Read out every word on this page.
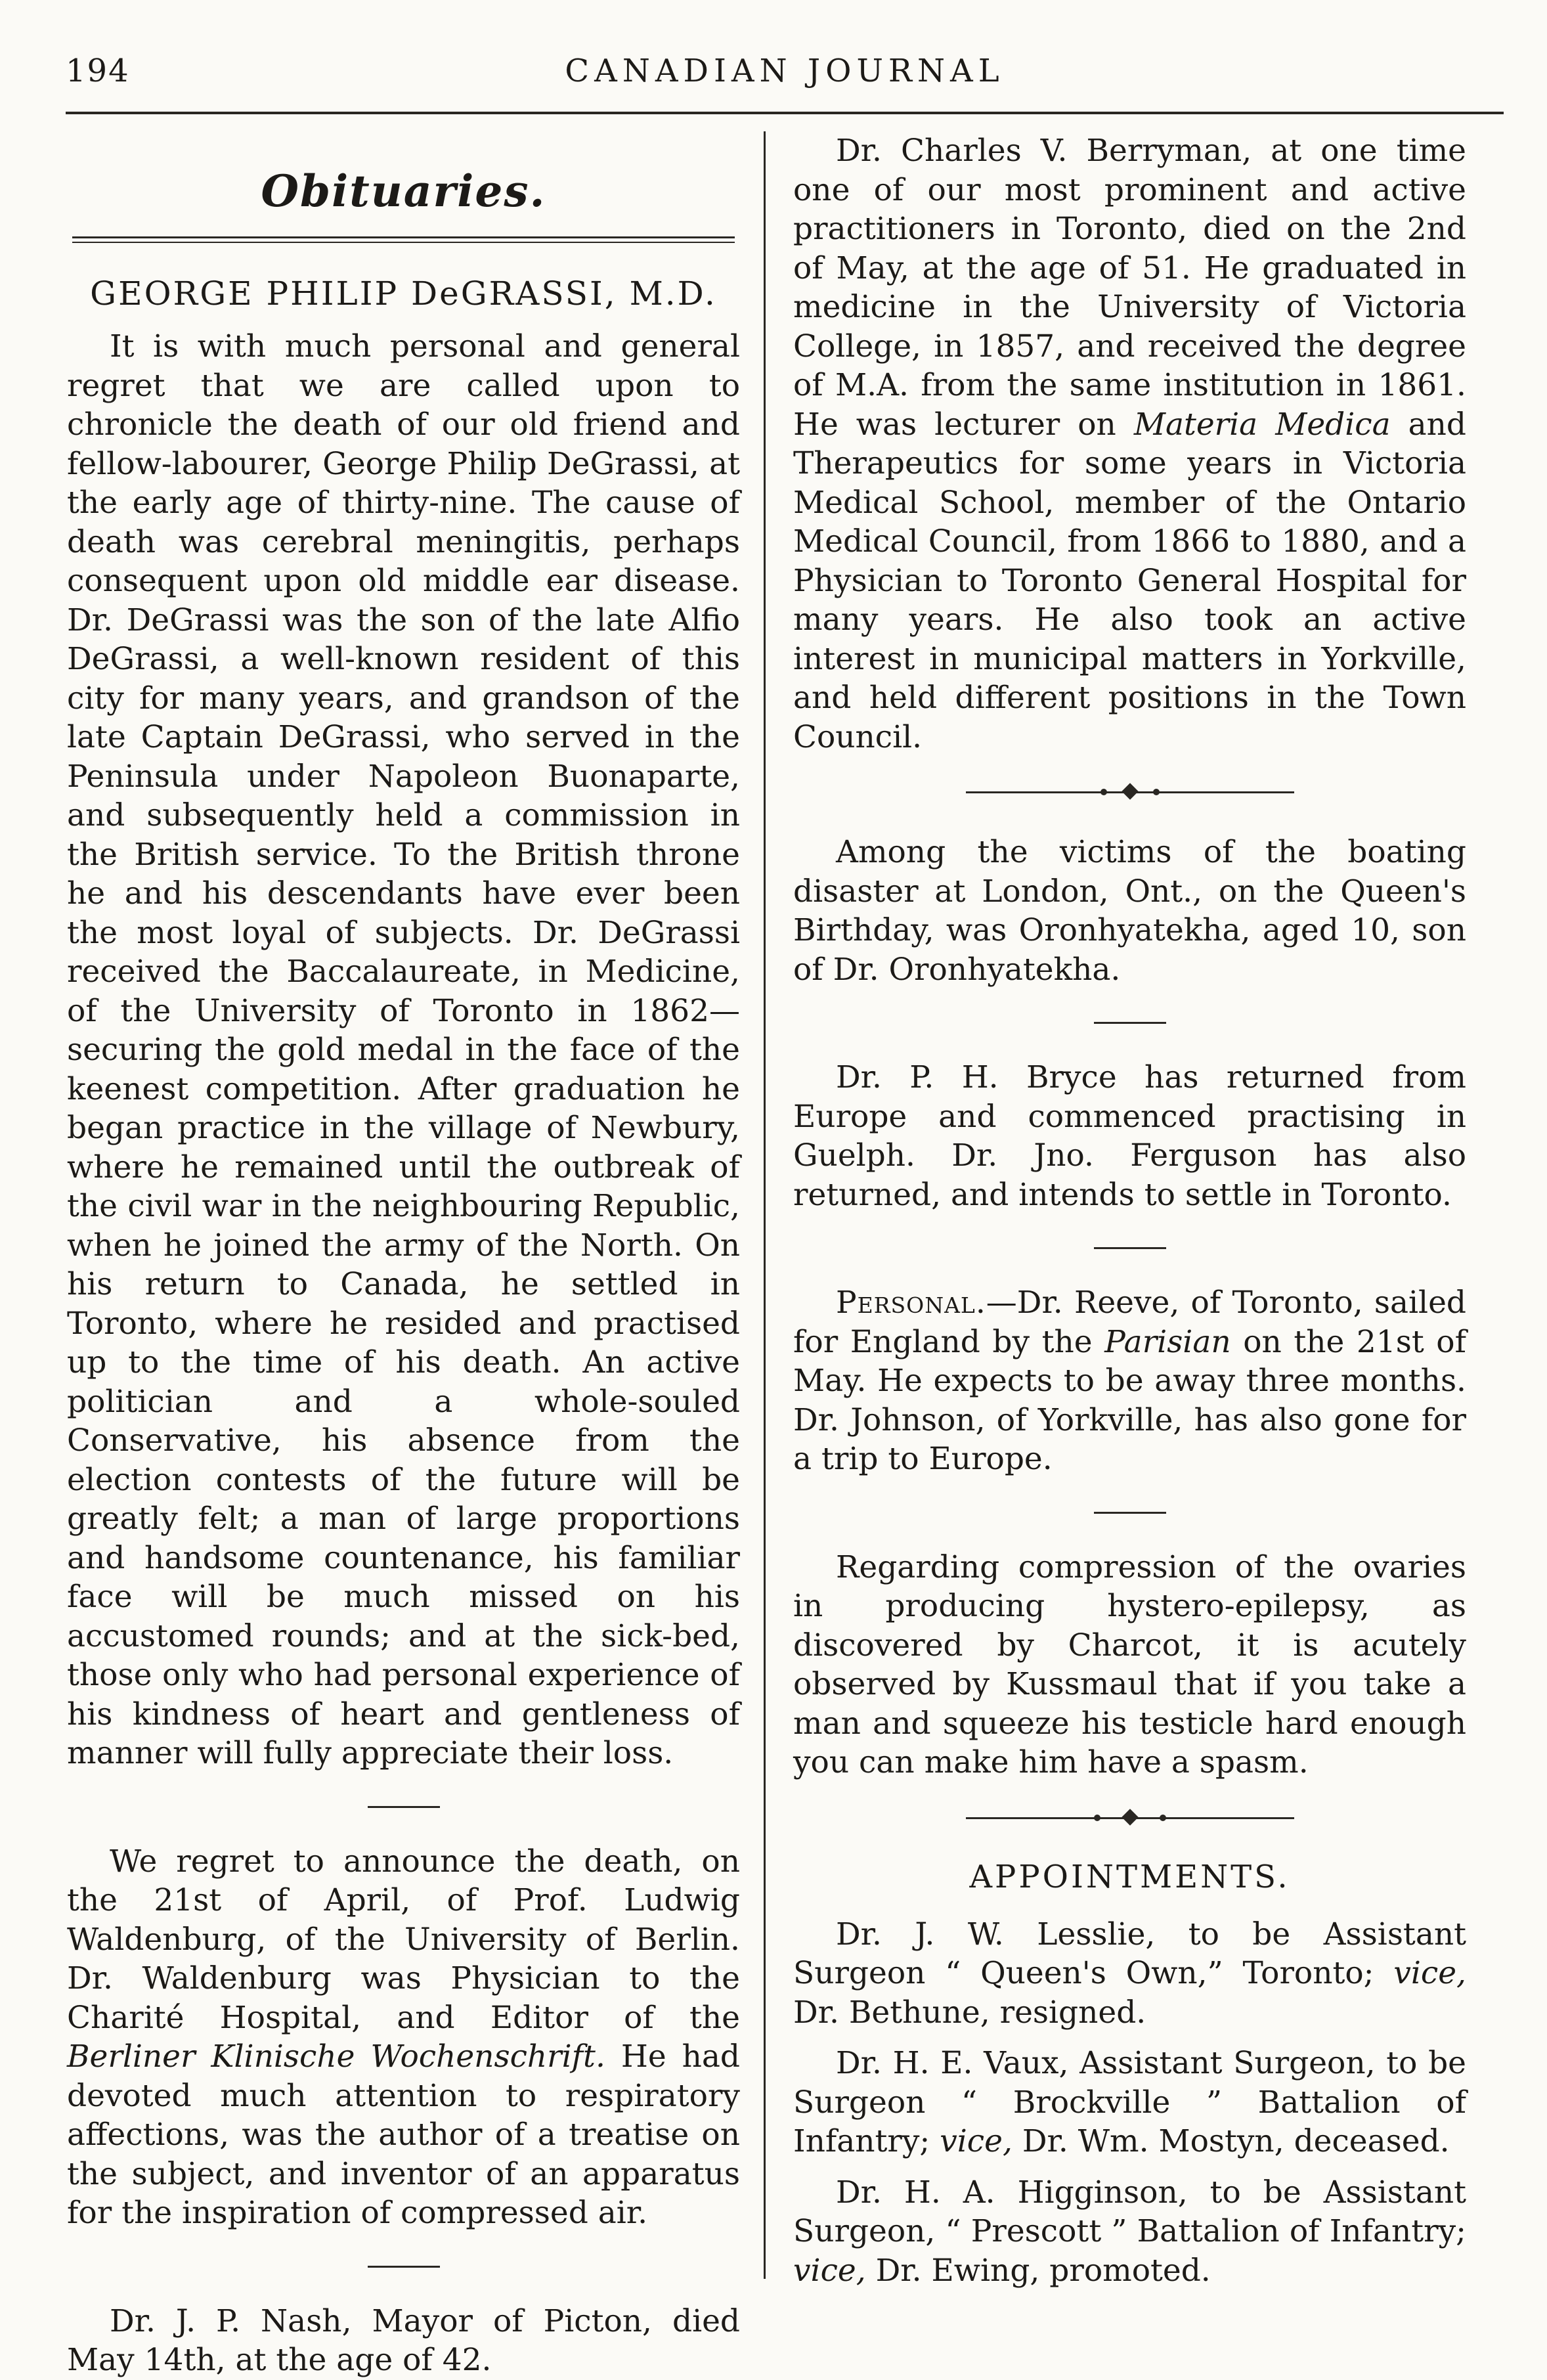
194	CANADIAN JOURNAL
Obituaries.
GEORGE PHILIP DeGRASSI, M.D.

It is with much personal and general regret that we are called upon to chronicle the death of our old friend and fellow-labourer, George Philip DeGrassi, at the early age of thirty-nine. The cause of death was cerebral meningitis, perhaps consequent upon old middle ear disease. Dr. DeGrassi was the son of the late Alfio DeGrassi, a well-known resident of this city for many years, and grandson of the late Captain DeGrassi, who served in the Peninsula under Napoleon Buonaparte, and subsequently held a commission in the British service. To the British throne he and his descendants have ever been the most loyal of subjects. Dr. DeGrassi received the Baccalaureate, in Medicine, of the University of Toronto in 1862—securing the gold medal in the face of the keenest competition. After graduation he began practice in the village of Newbury, where he remained until the outbreak of the civil war in the neighbouring Republic, when he joined the army of the North. On his return to Canada, he settled in Toronto, where he resided and practised up to the time of his death. An active politician and a whole-souled Conservative, his absence from the election contests of the future will be greatly felt; a man of large proportions and handsome countenance, his familiar face will be much missed on his accustomed rounds; and at the sick-bed, those only who had personal experience of his kindness of heart and gentleness of manner will fully appreciate their loss.

We regret to announce the death, on the 21st of April, of Prof. Ludwig Waldenburg, of the University of Berlin. Dr. Waldenburg was Physician to the Charité Hospital, and Editor of the Berliner Klinische Wochenschrift. He had devoted much attention to respiratory affections, was the author of a treatise on the subject, and inventor of an apparatus for the inspiration of compressed air.

Dr. J. P. Nash, Mayor of Picton, died May 14th, at the age of 42.

Dr. Charles V. Berryman, at one time one of our most prominent and active practitioners in Toronto, died on the 2nd of May, at the age of 51. He graduated in medicine in the University of Victoria College, in 1857, and received the degree of M.A. from the same institution in 1861. He was lecturer on Materia Medica and Therapeutics for some years in Victoria Medical School, member of the Ontario Medical Council, from 1866 to 1880, and a Physician to Toronto General Hospital for many years. He also took an active interest in municipal matters in Yorkville, and held different positions in the Town Council.

Among the victims of the boating disaster at London, Ont., on the Queen's Birthday, was Oronhyatekha, aged 10, son of Dr. Oronhyatekha.

Dr. P. H. Bryce has returned from Europe and commenced practising in Guelph. Dr. Jno. Ferguson has also returned, and intends to settle in Toronto.

Personal.—Dr. Reeve, of Toronto, sailed for England by the Parisian on the 21st of May. He expects to be away three months. Dr. Johnson, of Yorkville, has also gone for a trip to Europe.

Regarding compression of the ovaries in producing hystero-epilepsy, as discovered by Charcot, it is acutely observed by Kussmaul that if you take a man and squeeze his testicle hard enough you can make him have a spasm.

APPOINTMENTS.

Dr. J. W. Lesslie, to be Assistant Surgeon “ Queen's Own,” Toronto; vice, Dr. Bethune, resigned.

Dr. H. E. Vaux, Assistant Surgeon, to be Surgeon “ Brockville ” Battalion of Infantry; vice, Dr. Wm. Mostyn, deceased.

Dr. H. A. Higginson, to be Assistant Surgeon, “ Prescott ” Battalion of Infantry; vice, Dr. Ewing, promoted.
